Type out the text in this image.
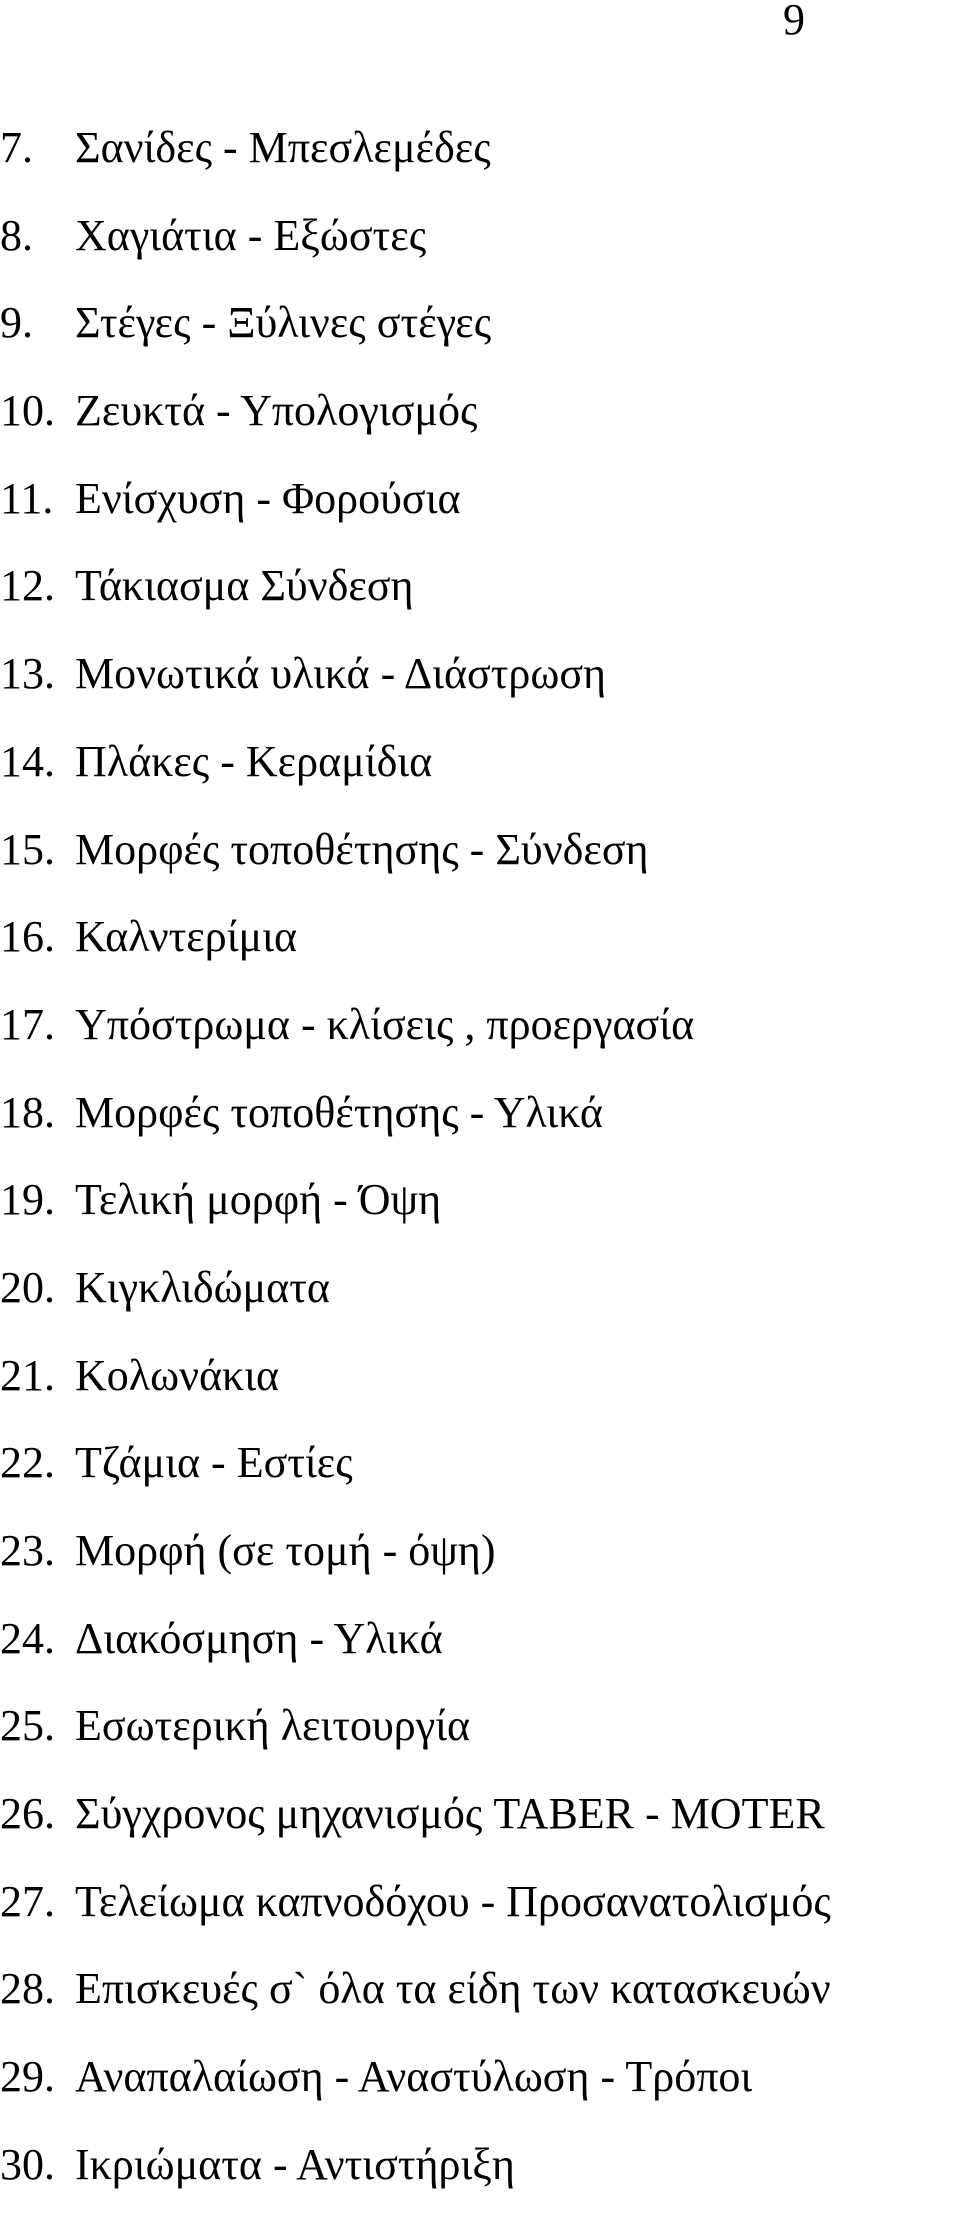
9
7. Σανίδες - Μπεσλεμέδες
8. Χαγιάτια - Εξώστες
9. Στέγες - Ξύλινες στέγες
10. Ζευκτά - Υπολογισμός
11. Ενίσχυση - Φορούσια
12. Τάκιασμα Σύνδεση
13. Μονωτικά υλικά - Διάστρωση
14. Πλάκες - Κεραμίδια
15. Μορφές τοποθέτησης - Σύνδεση
16. Καλντερίμια
17. Υπόστρωμα - κλίσεις , προεργασία
18. Μορφές τοποθέτησης - Υλικά
19. Τελική μορφή - Όψη
20. Κιγκλιδώματα
21. Κολωνάκια
22. Τζάμια - Εστίες
23. Μορφή (σε τομή - όψη)
24. Διακόσμηση - Υλικά
25. Εσωτερική λειτουργία
26. Σύγχρονος μηχανισμός TABER - MOTER
27. Τελείωμα καπνοδόχου - Προσανατολισμός
28. Επισκευές σ` όλα τα είδη των κατασκευών
29. Αναπαλαίωση - Αναστύλωση - Τρόποι
30. Ικριώματα - Αντιστήριξη
